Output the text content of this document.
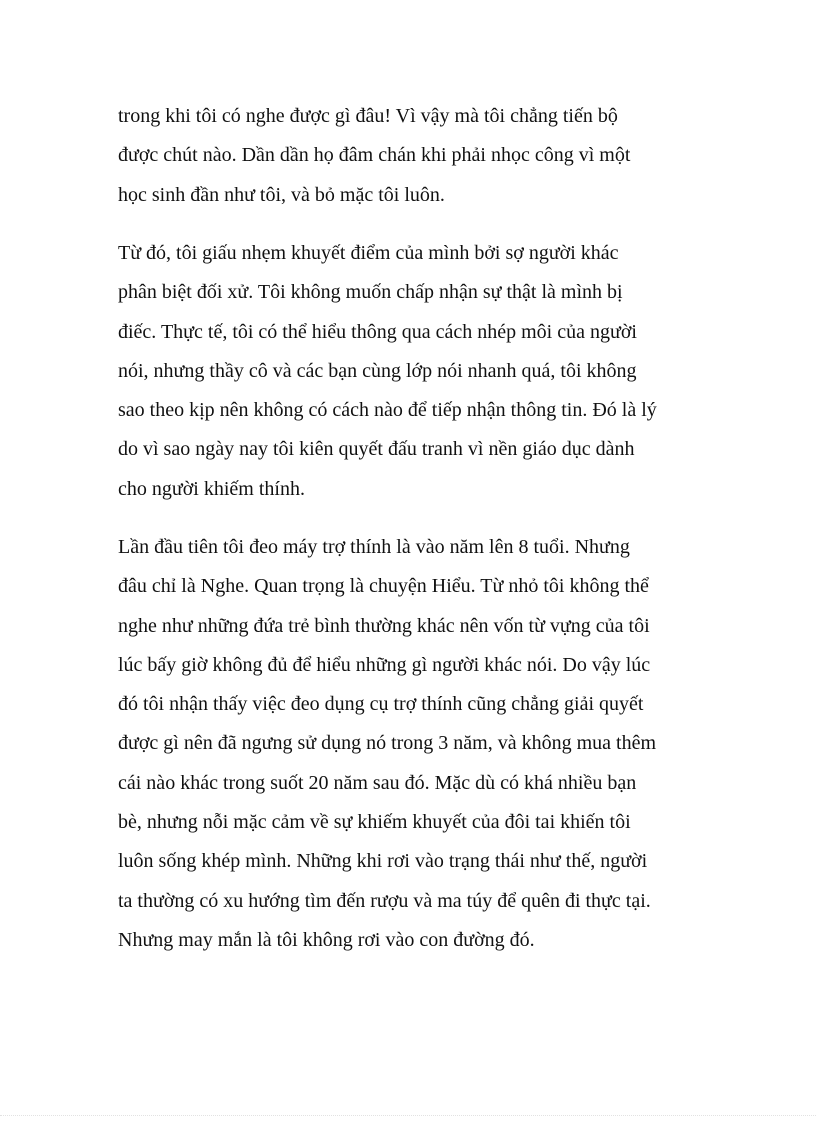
trong khi tôi có nghe được gì đâu! Vì vậy mà tôi chẳng tiến bộ
được chút nào. Dần dần họ đâm chán khi phải nhọc công vì một
học sinh đần như tôi, và bỏ mặc tôi luôn.
Từ đó, tôi giấu nhẹm khuyết điểm của mình bởi sợ người khác
phân biệt đối xử. Tôi không muốn chấp nhận sự thật là mình bị
điếc. Thực tế, tôi có thể hiểu thông qua cách nhép môi của người
nói, nhưng thầy cô và các bạn cùng lớp nói nhanh quá, tôi không
sao theo kịp nên không có cách nào để tiếp nhận thông tin. Đó là lý
do vì sao ngày nay tôi kiên quyết đấu tranh vì nền giáo dục dành
cho người khiếm thính.
Lần đầu tiên tôi đeo máy trợ thính là vào năm lên 8 tuổi. Nhưng
đâu chỉ là Nghe. Quan trọng là chuyện Hiểu. Từ nhỏ tôi không thể
nghe như những đứa trẻ bình thường khác nên vốn từ vựng của tôi
lúc bấy giờ không đủ để hiểu những gì người khác nói. Do vậy lúc
đó tôi nhận thấy việc đeo dụng cụ trợ thính cũng chẳng giải quyết
được gì nên đã ngưng sử dụng nó trong 3 năm, và không mua thêm
cái nào khác trong suốt 20 năm sau đó. Mặc dù có khá nhiều bạn
bè, nhưng nỗi mặc cảm về sự khiếm khuyết của đôi tai khiến tôi
luôn sống khép mình. Những khi rơi vào trạng thái như thế, người
ta thường có xu hướng tìm đến rượu và ma túy để quên đi thực tại.
Nhưng may mắn là tôi không rơi vào con đường đó.
